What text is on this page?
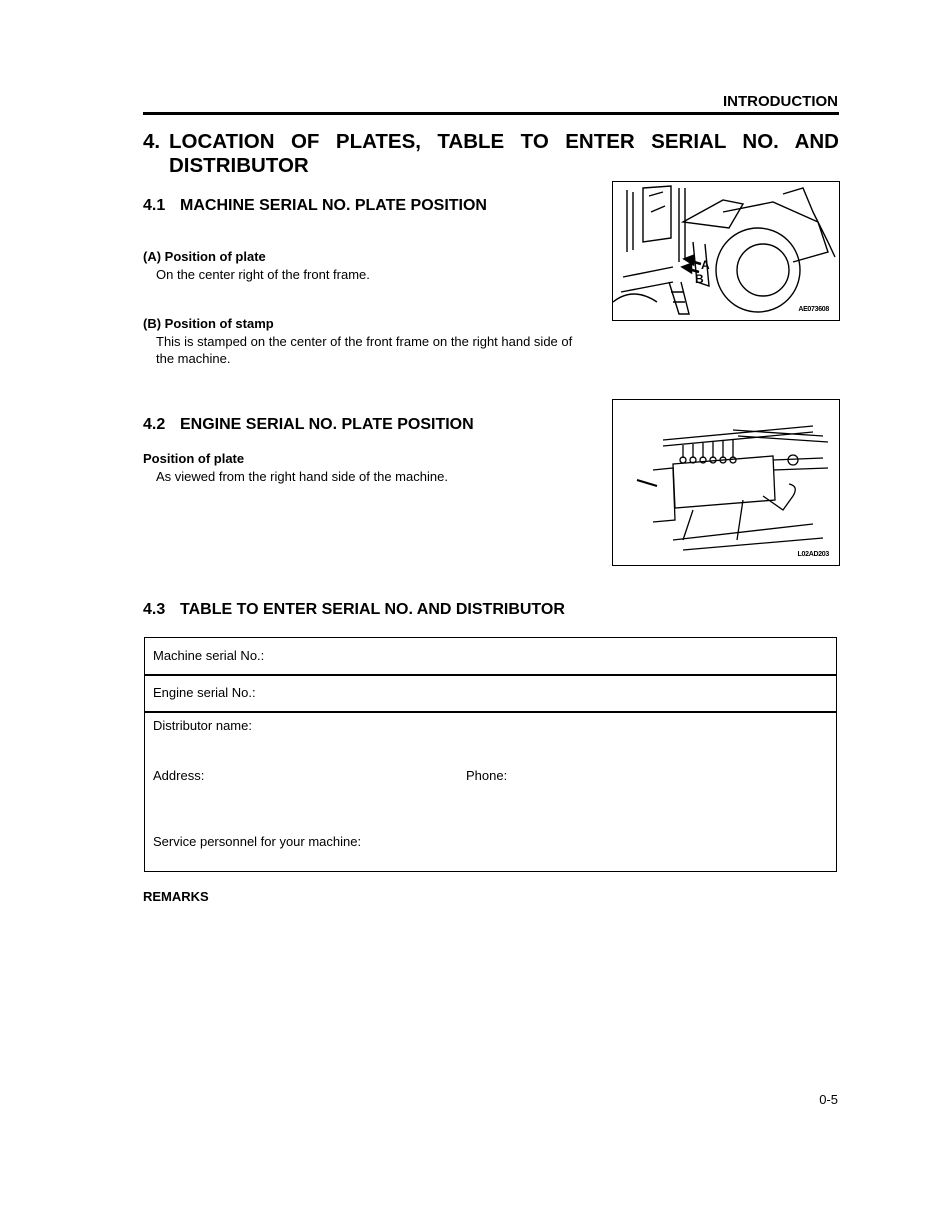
INTRODUCTION
4. LOCATION OF PLATES, TABLE TO ENTER SERIAL NO. AND
DISTRIBUTOR
4.1 MACHINE SERIAL NO. PLATE POSITION
(A) Position of plate
On the center right of the front frame.
(B) Position of stamp
This is stamped on the center of the front frame on the right hand side of
the machine.
A
B
AE073608
4.2 ENGINE SERIAL NO. PLATE POSITION
Position of plate
As viewed from the right hand side of the machine.
L02AD203
4.3 TABLE TO ENTER SERIAL NO. AND DISTRIBUTOR
Machine serial No.:
Engine serial No.:
Distributor name:
Address:	Phone:
Service personnel for your machine:
REMARKS
0-5
